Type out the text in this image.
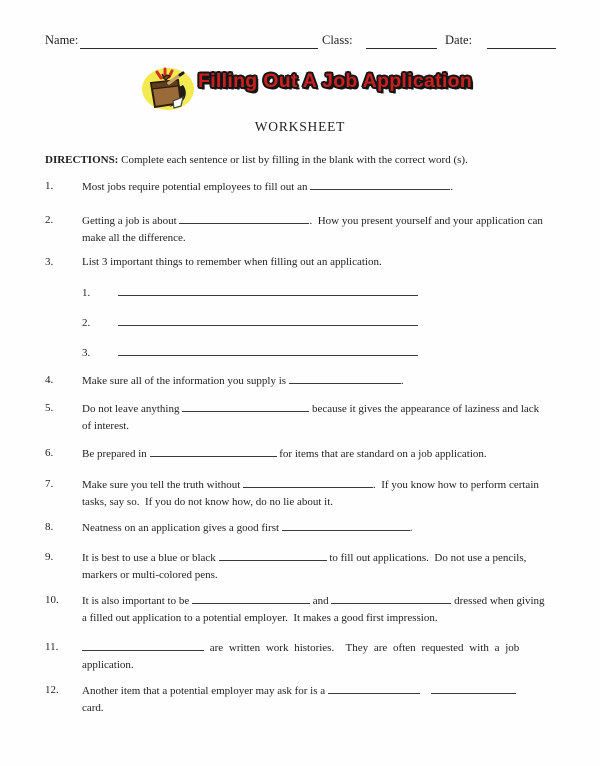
Name:	Class:	Date:
Filling Out A Job Application
WORKSHEET
DIRECTIONS: Complete each sentence or list by filling in the blank with the correct word (s).
1.	Most jobs require potential employees to fill out an	.
2.	Getting a job is about	.  How you present yourself and your application can
make all the difference.
3.	List 3 important things to remember when filling out an application.
1.
2.
3.
4.	Make sure all of the information you supply is	.
5.	Do not leave anything	because it gives the appearance of laziness and lack
of interest.
6.	Be prepared in	for items that are standard on a job application.
7.	Make sure you tell the truth without	.  If you know how to perform certain
tasks, say so.  If you do not know how, do no lie about it.
8.	Neatness on an application gives a good first	.
9.	It is best to use a blue or black	to fill out applications.  Do not use a pencils,
markers or multi-colored pens.
10. It is also important to be	and	dressed when giving
a filled out application to a potential employer.  It makes a good first impression.
11.	are written work histories.  They are often requested with a job
application.
12. Another item that a potential employer may ask for is a
card.
